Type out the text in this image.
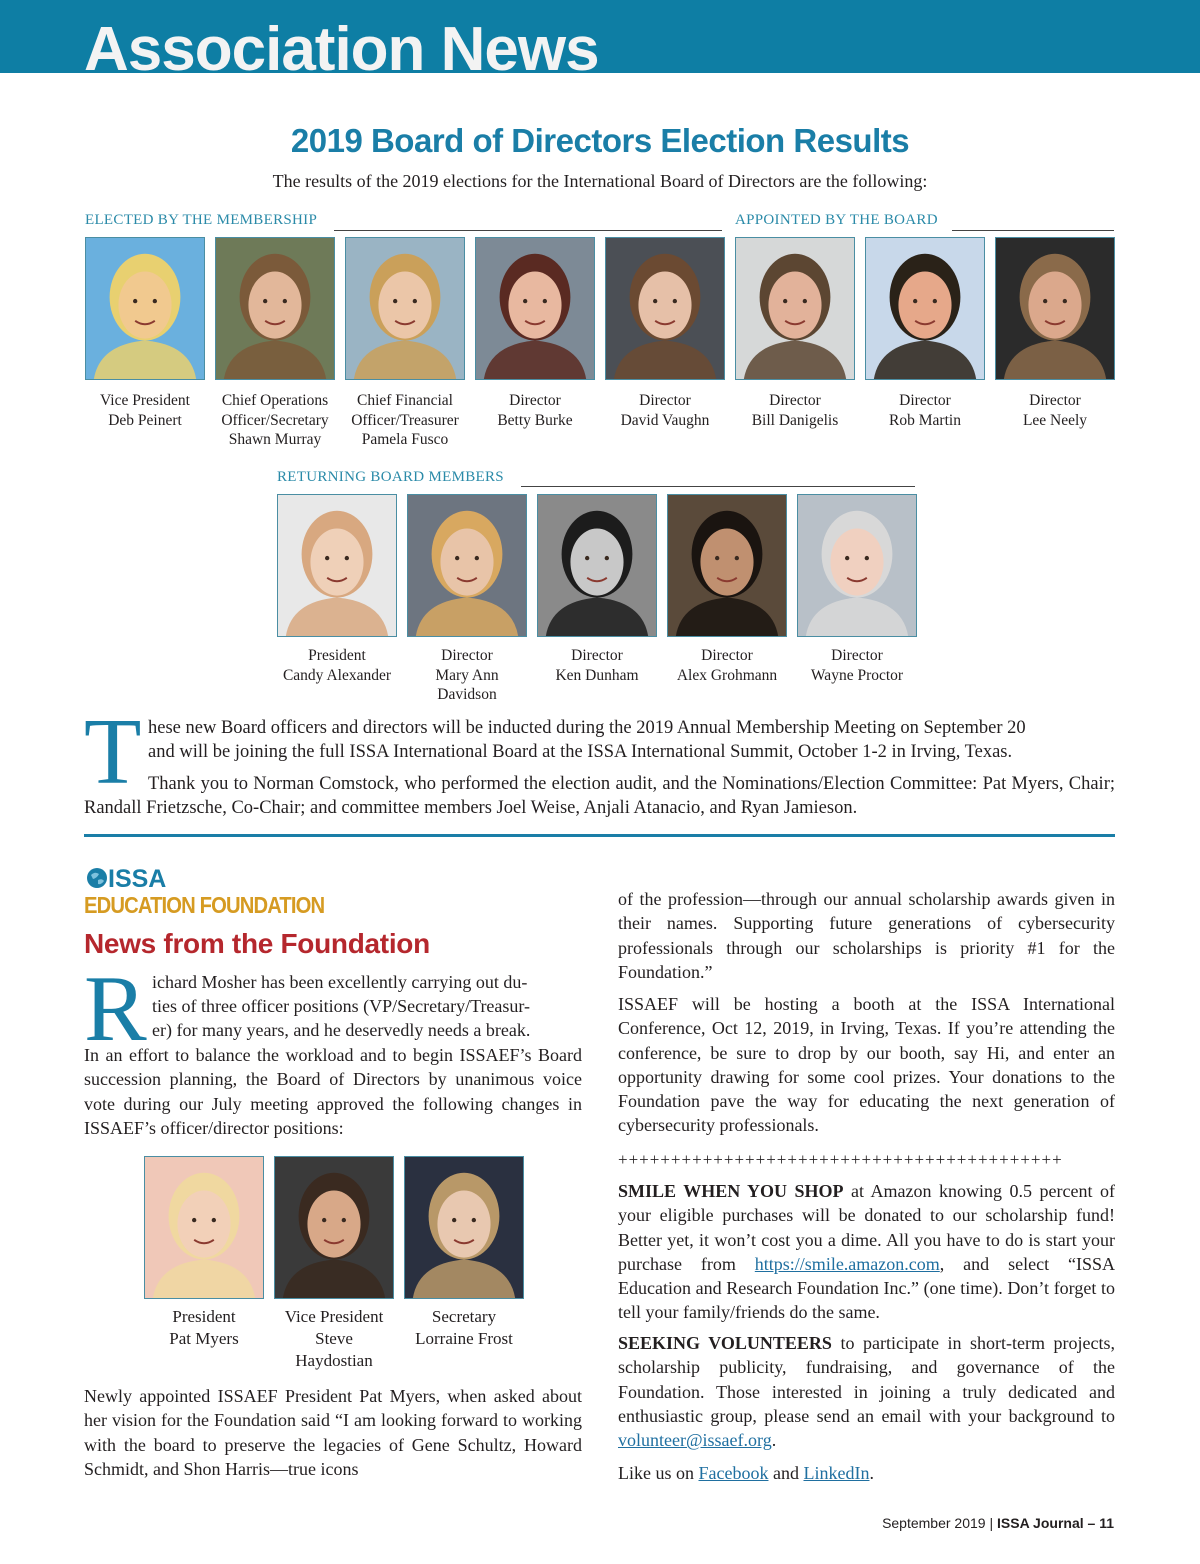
Association News
2019 Board of Directors Election Results
The results of the 2019 elections for the International Board of Directors are the following:
ELECTED BY THE MEMBERSHIP	APPOINTED BY THE BOARD
Vice President
Deb Peinert
Chief Operations
Officer/Secretary
Shawn Murray
Chief Financial
Officer/Treasurer
Pamela Fusco
Director
Betty Burke
Director
David Vaughn
RETURNING BOARD MEMBERS
President
Candy Alexander
Director
Mary Ann
Davidson
Director
Ken Dunham
Director
Alex Grohmann
Director
Wayne Proctor
T hese new Board officers and directors will be inducted during the 2019 Annual Membership Meeting on September 20
and will be joining the full ISSA International Board at the ISSA International Summit, October 1-2 in Irving, Texas.
Thank you to Norman Comstock, who performed the election audit, and the Nominations/Election Committee: Pat Myers, Chair; Randall Frietzsche, Co-Chair; and committee members Joel Weise, Anjali Atanacio, and Ryan Jamieson.
ISSA
EDUCATION FOUNDATION
News from the Foundation
R ichard Mosher has been excellently carrying out du-
ties of three officer positions (VP/Secretary/Treasur-
er) for many years, and he deservedly needs a break.
In an effort to balance the workload and to begin ISSAEF’s Board succession planning, the Board of Directors by unanimous voice vote during our July meeting approved the following changes in ISSAEF’s officer/director positions:
President
Pat Myers
Vice President
Steve
Haydostian
Secretary
Lorraine Frost
Newly appointed ISSAEF President Pat Myers, when asked about her vision for the Foundation said “I am looking forward to working with the board to preserve the legacies of Gene Schultz, Howard Schmidt, and Shon Harris—true icons
of the profession—through our annual scholarship awards given in their names. Supporting future generations of cybersecurity professionals through our scholarships is priority #1 for the Foundation.”
ISSAEF will be hosting a booth at the ISSA International Conference, Oct 12, 2019, in Irving, Texas. If you’re attending the conference, be sure to drop by our booth, say Hi, and enter an opportunity drawing for some cool prizes. Your donations to the Foundation pave the way for educating the next generation of cybersecurity professionals.
++++++++++++++++++++++++++++++++++++++++++
SMILE WHEN YOU SHOP at Amazon knowing 0.5 percent of your eligible purchases will be donated to our scholarship fund! Better yet, it won’t cost you a dime. All you have to do is start your purchase from https://smile.amazon.com, and select “ISSA Education and Research Foundation Inc.” (one time). Don’t forget to tell your family/friends do the same.
SEEKING VOLUNTEERS to participate in short-term projects, scholarship publicity, fundraising, and governance of the Foundation. Those interested in joining a truly dedicated and enthusiastic group, please send an email with your background to volunteer@issaef.org.
Like us on Facebook and LinkedIn.
September 2019 | ISSA Journal – 11
Director
Bill Danigelis
Director
Rob Martin
Director
Lee Neely
